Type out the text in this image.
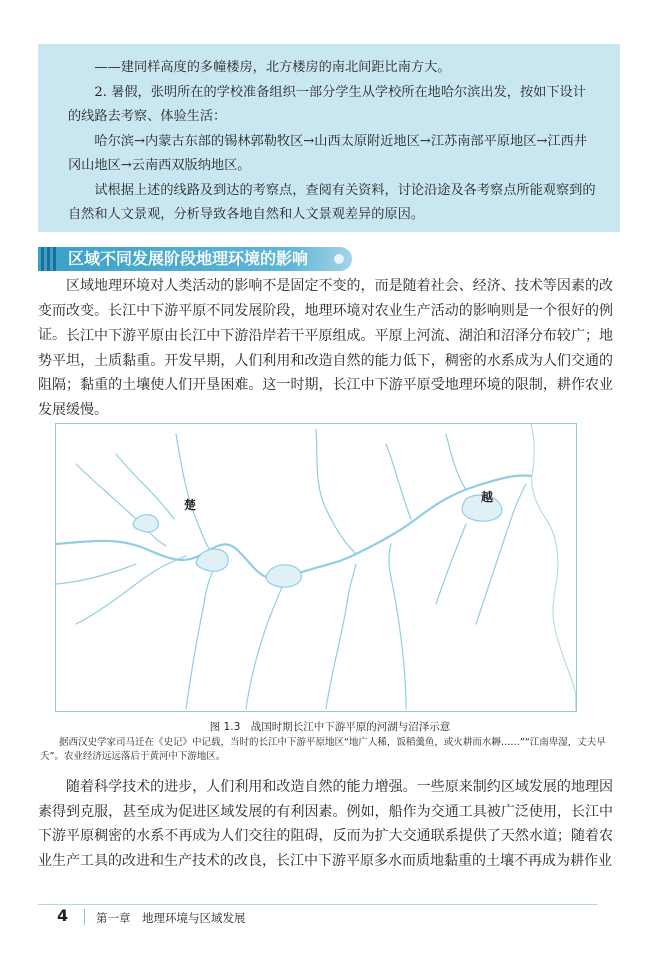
——建同样高度的多幢楼房，北方楼房的南北间距比南方大。

2. 暑假，张明所在的学校准备组织一部分学生从学校所在地哈尔滨出发，按如下设计的线路去考察、体验生活：

哈尔滨→内蒙古东部的锡林郭勒牧区→山西太原附近地区→江苏南部平原地区→江西井冈山地区→云南西双版纳地区。

试根据上述的线路及到达的考察点，查阅有关资料，讨论沿途及各考察点所能观察到的自然和人文景观，分析导致各地自然和人文景观差异的原因。

区域不同发展阶段地理环境的影响

区域地理环境对人类活动的影响不是固定不变的，而是随着社会、经济、技术等因素的改变而改变。长江中下游平原不同发展阶段，地理环境对农业生产活动的影响则是一个很好的例证。 长江中下游平原由长江中下游沿岸若干平原组成。平原上河流、湖泊和沼泽分布较广；地势平坦，土质黏重。开发早期，人们利用和改造自然的能力低下，稠密的水系成为人们交通的阻隔；黏重的土壤使人们开垦困难。这一时期，长江中下游平原受地理环境的限制，耕作农业发展缓慢。

楚
越
图 1.3　战国时期长江中下游平原的河湖与沼泽示意

据西汉史学家司马迁在《史记》中记载，当时的长江中下游平原地区“地广人稀，饭稻羹鱼，或火耕而水耨……”“江南卑湿，丈夫早夭”。农业经济远远落后于黄河中下游地区。

随着科学技术的进步，人们利用和改造自然的能力增强。一些原来制约区域发展的地理因素得到克服，甚至成为促进区域发展的有利因素。例如，船作为交通工具被广泛使用，长江中下游平原稠密的水系不再成为人们交往的阻碍，反而为扩大交通联系提供了天然水道；随着农业生产工具的改进和生产技术的改良，长江中下游平原多水而质地黏重的土壤不再成为耕作业

4 第一章　地理环境与区域发展
